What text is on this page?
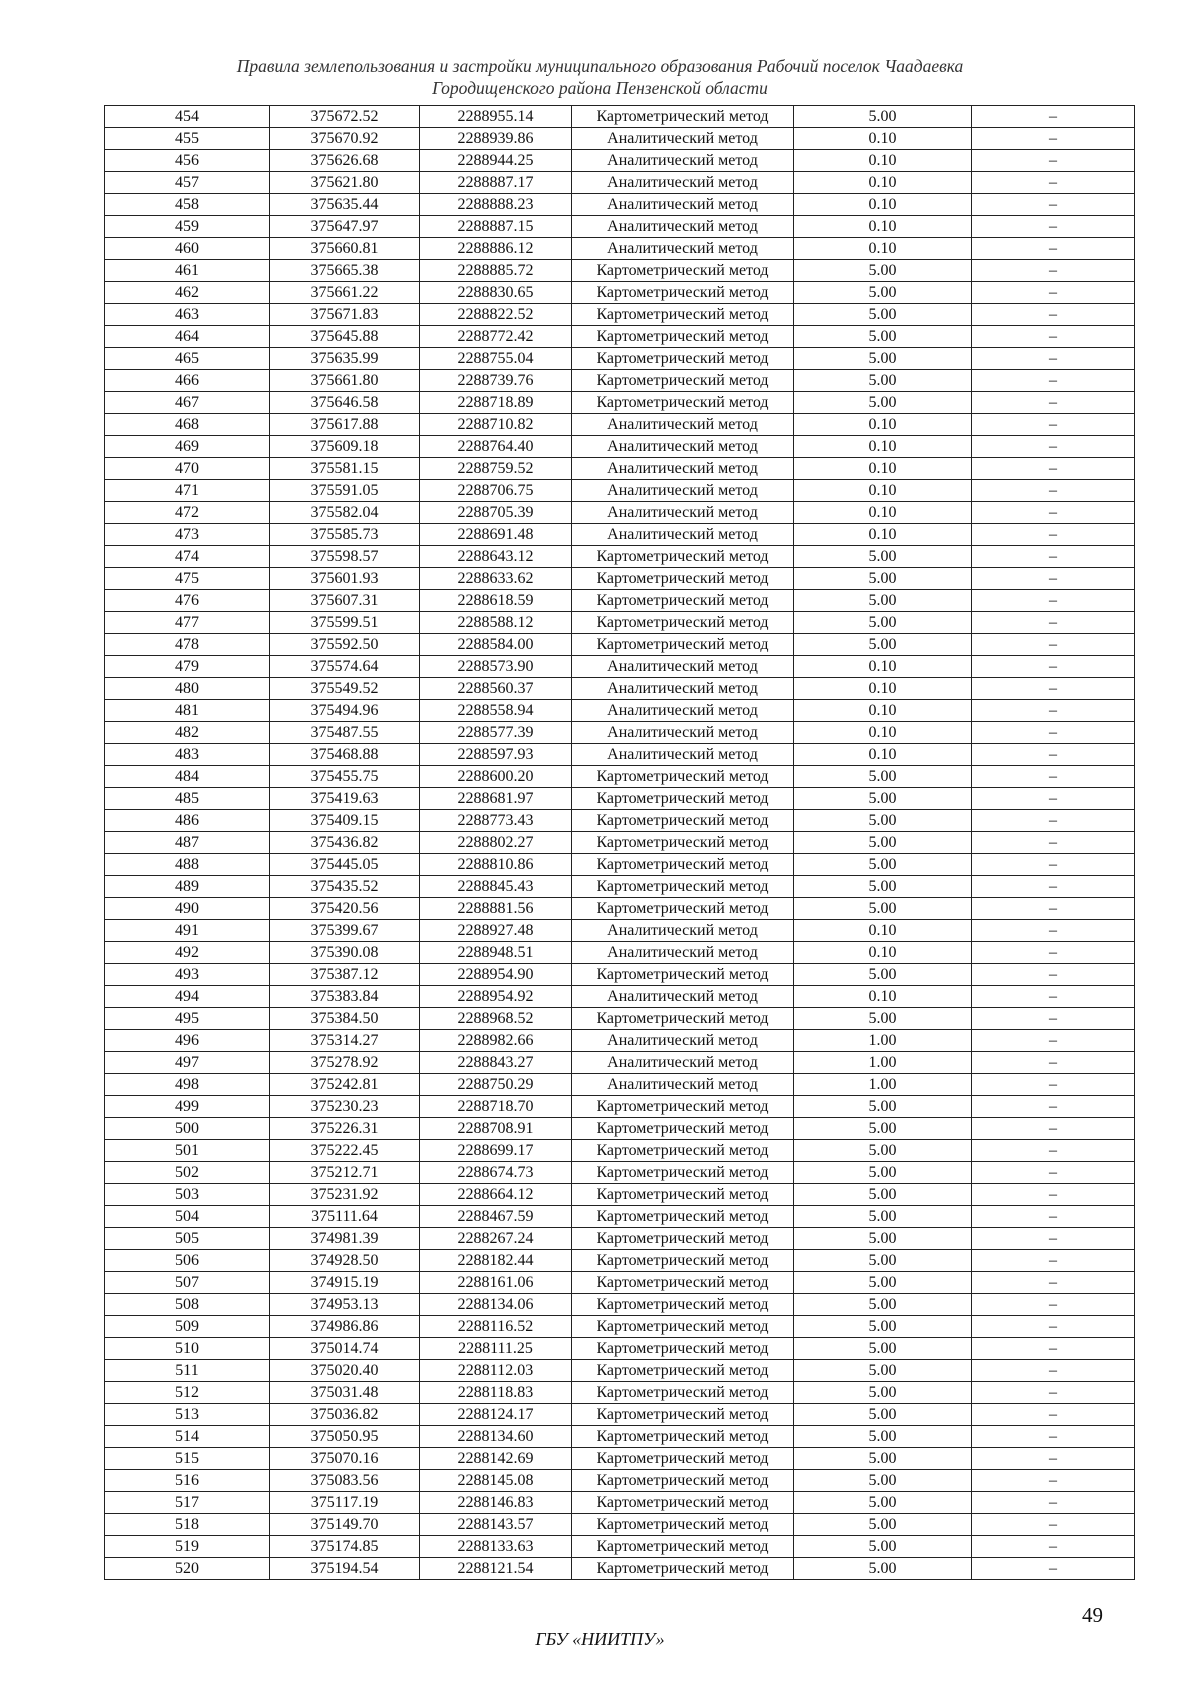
Правила землепользования и застройки муниципального образования Рабочий поселок Чаадаевка
Городищенского района Пензенской области
454	375672.52	2288955.14	Картометрический метод	5.00	–
455	375670.92	2288939.86	Аналитический метод	0.10	–
456	375626.68	2288944.25	Аналитический метод	0.10	–
457	375621.80	2288887.17	Аналитический метод	0.10	–
458	375635.44	2288888.23	Аналитический метод	0.10	–
459	375647.97	2288887.15	Аналитический метод	0.10	–
460	375660.81	2288886.12	Аналитический метод	0.10	–
461	375665.38	2288885.72	Картометрический метод	5.00	–
462	375661.22	2288830.65	Картометрический метод	5.00	–
463	375671.83	2288822.52	Картометрический метод	5.00	–
464	375645.88	2288772.42	Картометрический метод	5.00	–
465	375635.99	2288755.04	Картометрический метод	5.00	–
466	375661.80	2288739.76	Картометрический метод	5.00	–
467	375646.58	2288718.89	Картометрический метод	5.00	–
468	375617.88	2288710.82	Аналитический метод	0.10	–
469	375609.18	2288764.40	Аналитический метод	0.10	–
470	375581.15	2288759.52	Аналитический метод	0.10	–
471	375591.05	2288706.75	Аналитический метод	0.10	–
472	375582.04	2288705.39	Аналитический метод	0.10	–
473	375585.73	2288691.48	Аналитический метод	0.10	–
474	375598.57	2288643.12	Картометрический метод	5.00	–
475	375601.93	2288633.62	Картометрический метод	5.00	–
476	375607.31	2288618.59	Картометрический метод	5.00	–
477	375599.51	2288588.12	Картометрический метод	5.00	–
478	375592.50	2288584.00	Картометрический метод	5.00	–
479	375574.64	2288573.90	Аналитический метод	0.10	–
480	375549.52	2288560.37	Аналитический метод	0.10	–
481	375494.96	2288558.94	Аналитический метод	0.10	–
482	375487.55	2288577.39	Аналитический метод	0.10	–
483	375468.88	2288597.93	Аналитический метод	0.10	–
484	375455.75	2288600.20	Картометрический метод	5.00	–
485	375419.63	2288681.97	Картометрический метод	5.00	–
486	375409.15	2288773.43	Картометрический метод	5.00	–
487	375436.82	2288802.27	Картометрический метод	5.00	–
488	375445.05	2288810.86	Картометрический метод	5.00	–
489	375435.52	2288845.43	Картометрический метод	5.00	–
490	375420.56	2288881.56	Картометрический метод	5.00	–
491	375399.67	2288927.48	Аналитический метод	0.10	–
492	375390.08	2288948.51	Аналитический метод	0.10	–
493	375387.12	2288954.90	Картометрический метод	5.00	–
494	375383.84	2288954.92	Аналитический метод	0.10	–
495	375384.50	2288968.52	Картометрический метод	5.00	–
496	375314.27	2288982.66	Аналитический метод	1.00	–
497	375278.92	2288843.27	Аналитический метод	1.00	–
498	375242.81	2288750.29	Аналитический метод	1.00	–
499	375230.23	2288718.70	Картометрический метод	5.00	–
500	375226.31	2288708.91	Картометрический метод	5.00	–
501	375222.45	2288699.17	Картометрический метод	5.00	–
502	375212.71	2288674.73	Картометрический метод	5.00	–
503	375231.92	2288664.12	Картометрический метод	5.00	–
504	375111.64	2288467.59	Картометрический метод	5.00	–
505	374981.39	2288267.24	Картометрический метод	5.00	–
506	374928.50	2288182.44	Картометрический метод	5.00	–
507	374915.19	2288161.06	Картометрический метод	5.00	–
508	374953.13	2288134.06	Картометрический метод	5.00	–
509	374986.86	2288116.52	Картометрический метод	5.00	–
510	375014.74	2288111.25	Картометрический метод	5.00	–
511	375020.40	2288112.03	Картометрический метод	5.00	–
512	375031.48	2288118.83	Картометрический метод	5.00	–
513	375036.82	2288124.17	Картометрический метод	5.00	–
514	375050.95	2288134.60	Картометрический метод	5.00	–
515	375070.16	2288142.69	Картометрический метод	5.00	–
516	375083.56	2288145.08	Картометрический метод	5.00	–
517	375117.19	2288146.83	Картометрический метод	5.00	–
518	375149.70	2288143.57	Картометрический метод	5.00	–
519	375174.85	2288133.63	Картометрический метод	5.00	–
520	375194.54	2288121.54	Картометрический метод	5.00	–
49
ГБУ «НИИТПУ»
